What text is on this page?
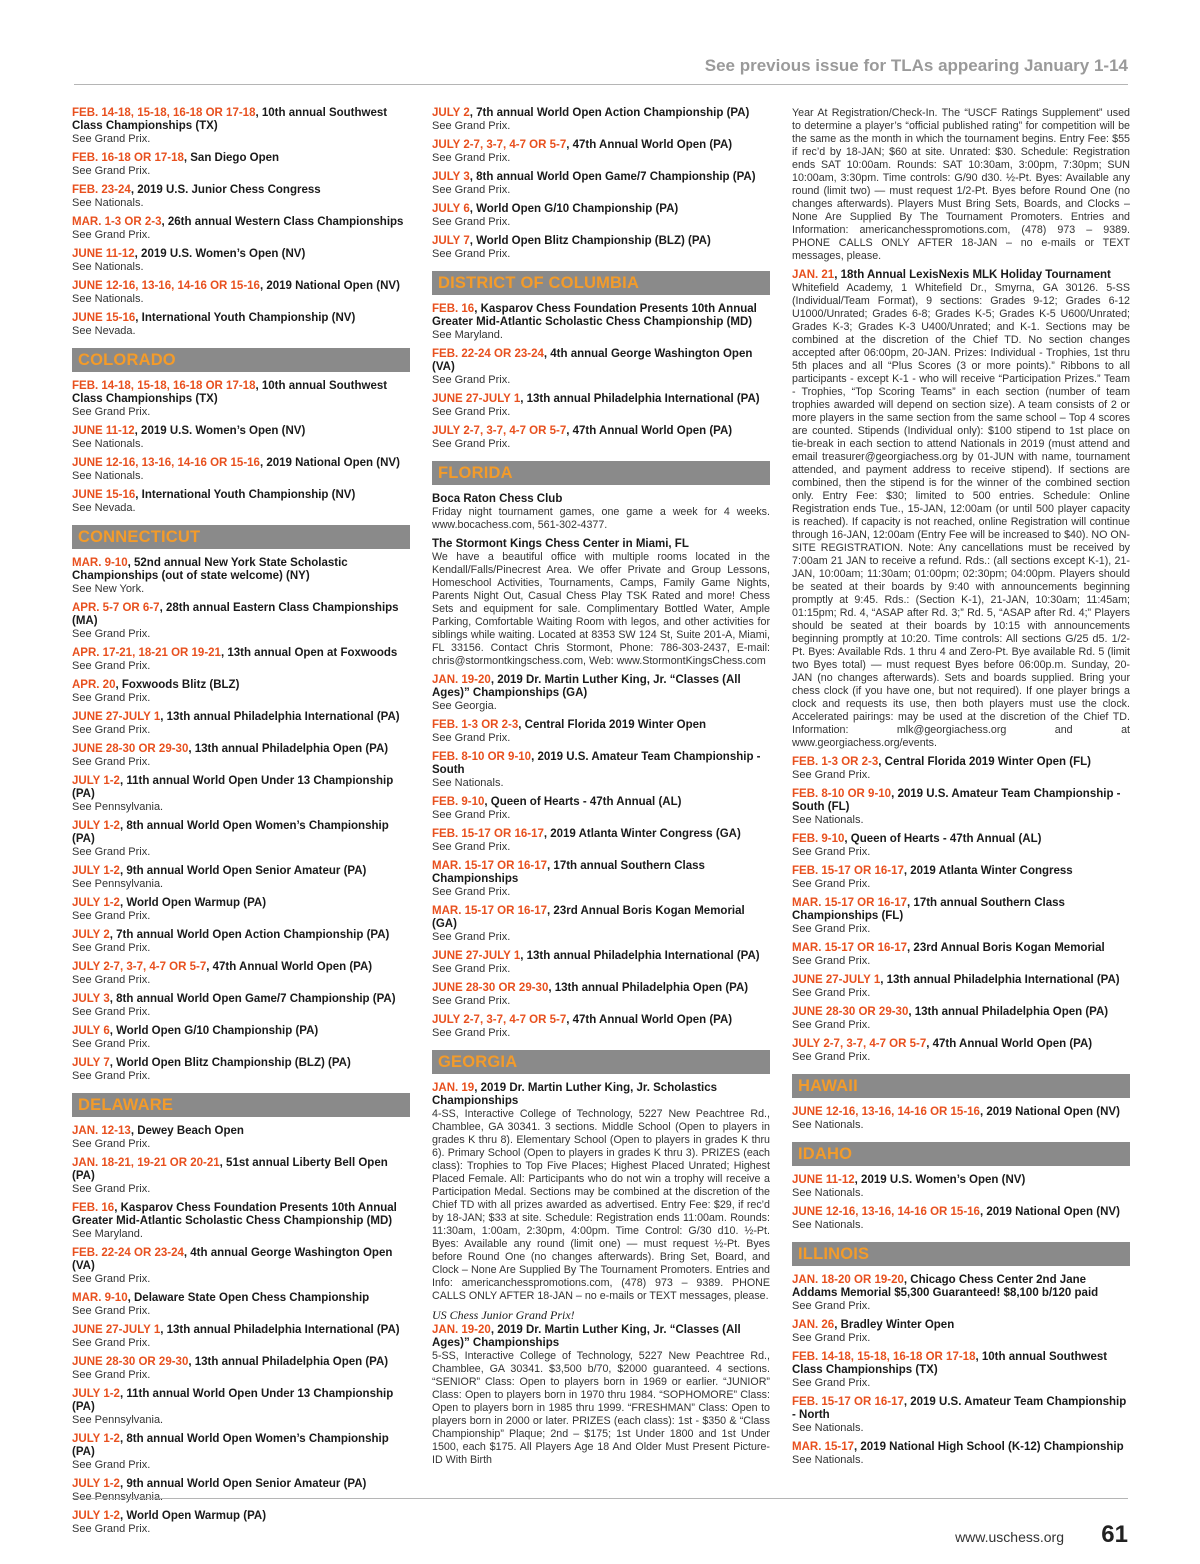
See previous issue for TLAs appearing January 1-14
FEB. 14-18, 15-18, 16-18 OR 17-18, 10th annual Southwest Class Championships (TX)
See Grand Prix.
FEB. 16-18 OR 17-18, San Diego Open
See Grand Prix.
FEB. 23-24, 2019 U.S. Junior Chess Congress
See Nationals.
MAR. 1-3 OR 2-3, 26th annual Western Class Championships
See Grand Prix.
JUNE 11-12, 2019 U.S. Women’s Open (NV)
See Nationals.
JUNE 12-16, 13-16, 14-16 OR 15-16, 2019 National Open (NV)
See Nationals.
JUNE 15-16, International Youth Championship (NV)
See Nevada.
COLORADO
FEB. 14-18, 15-18, 16-18 OR 17-18, 10th annual Southwest Class Championships (TX)
See Grand Prix.
JUNE 11-12, 2019 U.S. Women’s Open (NV)
See Nationals.
JUNE 12-16, 13-16, 14-16 OR 15-16, 2019 National Open (NV)
See Nationals.
JUNE 15-16, International Youth Championship (NV)
See Nevada.
CONNECTICUT
MAR. 9-10, 52nd annual New York State Scholastic Championships (out of state welcome) (NY)
See New York.
APR. 5-7 OR 6-7, 28th annual Eastern Class Championships (MA)
See Grand Prix.
APR. 17-21, 18-21 OR 19-21, 13th annual Open at Foxwoods
See Grand Prix.
APR. 20, Foxwoods Blitz (BLZ)
See Grand Prix.
JUNE 27-JULY 1, 13th annual Philadelphia International (PA)
See Grand Prix.
JUNE 28-30 OR 29-30, 13th annual Philadelphia Open (PA)
See Grand Prix.
JULY 1-2, 11th annual World Open Under 13 Championship (PA)
See Pennsylvania.
JULY 1-2, 8th annual World Open Women’s Championship (PA)
See Grand Prix.
JULY 1-2, 9th annual World Open Senior Amateur (PA)
See Pennsylvania.
JULY 1-2, World Open Warmup (PA)
See Grand Prix.
JULY 2, 7th annual World Open Action Championship (PA)
See Grand Prix.
JULY 2-7, 3-7, 4-7 OR 5-7, 47th Annual World Open (PA)
See Grand Prix.
JULY 3, 8th annual World Open Game/7 Championship (PA)
See Grand Prix.
JULY 6, World Open G/10 Championship (PA)
See Grand Prix.
JULY 7, World Open Blitz Championship (BLZ) (PA)
See Grand Prix.
DELAWARE
JAN. 12-13, Dewey Beach Open
See Grand Prix.
JAN. 18-21, 19-21 OR 20-21, 51st annual Liberty Bell Open (PA)
See Grand Prix.
FEB. 16, Kasparov Chess Foundation Presents 10th Annual Greater Mid-Atlantic Scholastic Chess Championship (MD)
See Maryland.
FEB. 22-24 OR 23-24, 4th annual George Washington Open (VA)
See Grand Prix.
MAR. 9-10, Delaware State Open Chess Championship
See Grand Prix.
JUNE 27-JULY 1, 13th annual Philadelphia International (PA)
See Grand Prix.
JUNE 28-30 OR 29-30, 13th annual Philadelphia Open (PA)
See Grand Prix.
JULY 1-2, 11th annual World Open Under 13 Championship (PA)
See Pennsylvania.
JULY 1-2, 8th annual World Open Women’s Championship (PA)
See Grand Prix.
JULY 1-2, 9th annual World Open Senior Amateur (PA)
See Pennsylvania.
JULY 1-2, World Open Warmup (PA)
See Grand Prix.
JULY 2, 7th annual World Open Action Championship (PA)
See Grand Prix.
JULY 2-7, 3-7, 4-7 OR 5-7, 47th Annual World Open (PA)
See Grand Prix.
JULY 3, 8th annual World Open Game/7 Championship (PA)
See Grand Prix.
JULY 6, World Open G/10 Championship (PA)
See Grand Prix.
JULY 7, World Open Blitz Championship (BLZ) (PA)
See Grand Prix.
DISTRICT OF COLUMBIA
FEB. 16, Kasparov Chess Foundation Presents 10th Annual Greater Mid-Atlantic Scholastic Chess Championship (MD)
See Maryland.
FEB. 22-24 OR 23-24, 4th annual George Washington Open (VA)
See Grand Prix.
JUNE 27-JULY 1, 13th annual Philadelphia International (PA)
See Grand Prix.
JULY 2-7, 3-7, 4-7 OR 5-7, 47th Annual World Open (PA)
See Grand Prix.
FLORIDA
Boca Raton Chess Club
Friday night tournament games, one game a week for 4 weeks. www.bocachess.com, 561-302-4377.
The Stormont Kings Chess Center in Miami, FL
We have a beautiful office with multiple rooms located in the Kendall/Falls/Pinecrest Area. We offer Private and Group Lessons, Homeschool Activities, Tournaments, Camps, Family Game Nights, Parents Night Out, Casual Chess Play TSK Rated and more! Chess Sets and equipment for sale. Complimentary Bottled Water, Ample Parking, Comfortable Waiting Room with legos, and other activities for siblings while waiting. Located at 8353 SW 124 St, Suite 201-A, Miami, FL 33156. Contact Chris Stormont, Phone: 786-303-2437, E-mail: chris@stormontkingschess.com, Web: www.StormontKingsChess.com
JAN. 19-20, 2019 Dr. Martin Luther King, Jr. “Classes (All Ages)” Championships (GA)
See Georgia.
FEB. 1-3 OR 2-3, Central Florida 2019 Winter Open
See Grand Prix.
FEB. 8-10 OR 9-10, 2019 U.S. Amateur Team Championship - South
See Nationals.
FEB. 9-10, Queen of Hearts - 47th Annual (AL)
See Grand Prix.
FEB. 15-17 OR 16-17, 2019 Atlanta Winter Congress (GA)
See Grand Prix.
MAR. 15-17 OR 16-17, 17th annual Southern Class Championships
See Grand Prix.
MAR. 15-17 OR 16-17, 23rd Annual Boris Kogan Memorial (GA)
See Grand Prix.
JUNE 27-JULY 1, 13th annual Philadelphia International (PA)
See Grand Prix.
JUNE 28-30 OR 29-30, 13th annual Philadelphia Open (PA)
See Grand Prix.
JULY 2-7, 3-7, 4-7 OR 5-7, 47th Annual World Open (PA)
See Grand Prix.
GEORGIA
JAN. 19, 2019 Dr. Martin Luther King, Jr. Scholastics Championships
4-SS, Interactive College of Technology, 5227 New Peachtree Rd., Chamblee, GA 30341. 3 sections. Middle School (Open to players in grades K thru 8). Elementary School (Open to players in grades K thru 6). Primary School (Open to players in grades K thru 3). PRIZES (each class): Trophies to Top Five Places; Highest Placed Unrated; Highest Placed Female. All: Participants who do not win a trophy will receive a Participation Medal. Sections may be combined at the discretion of the Chief TD with all prizes awarded as advertised. Entry Fee: $29, if rec’d by 18-JAN; $33 at site. Schedule: Registration ends 11:00am. Rounds: 11:30am, 1:00am, 2:30pm, 4:00pm. Time Control: G/30 d10. ½-Pt. Byes: Available any round (limit one) — must request ½-Pt. Byes before Round One (no changes afterwards). Bring Set, Board, and Clock – None Are Supplied By The Tournament Promoters. Entries and Info: americanchesspromotions.com, (478) 973 – 9389. PHONE CALLS ONLY AFTER 18-JAN – no e-mails or TEXT messages, please.
US Chess Junior Grand Prix!
JAN. 19-20, 2019 Dr. Martin Luther King, Jr. “Classes (All Ages)” Championships
5-SS, Interactive College of Technology, 5227 New Peachtree Rd., Chamblee, GA 30341. $3,500 b/70, $2000 guaranteed. 4 sections. “SENIOR” Class: Open to players born in 1969 or earlier. “JUNIOR” Class: Open to players born in 1970 thru 1984. “SOPHOMORE” Class: Open to players born in 1985 thru 1999. “FRESHMAN” Class: Open to players born in 2000 or later. PRIZES (each class): 1st - $350 & “Class Championship” Plaque; 2nd – $175; 1st Under 1800 and 1st Under 1500, each $175. All Players Age 18 And Older Must Present Picture-ID With Birth
Year At Registration/Check-In. The “USCF Ratings Supplement” used to determine a player’s “official published rating” for competition will be the same as the month in which the tournament begins. Entry Fee: $55 if rec’d by 18-JAN; $60 at site. Unrated: $30. Schedule: Registration ends SAT 10:00am. Rounds: SAT 10:30am, 3:00pm, 7:30pm; SUN 10:00am, 3:30pm. Time controls: G/90 d30. ½-Pt. Byes: Available any round (limit two) — must request 1/2-Pt. Byes before Round One (no changes afterwards). Players Must Bring Sets, Boards, and Clocks – None Are Supplied By The Tournament Promoters. Entries and Information: americanchesspromotions.com, (478) 973 – 9389. PHONE CALLS ONLY AFTER 18-JAN – no e-mails or TEXT messages, please.
JAN. 21, 18th Annual LexisNexis MLK Holiday Tournament
Whitefield Academy, 1 Whitefield Dr., Smyrna, GA 30126. 5-SS (Individual/Team Format), 9 sections: Grades 9-12; Grades 6-12 U1000/Unrated; Grades 6-8; Grades K-5; Grades K-5 U600/Unrated; Grades K-3; Grades K-3 U400/Unrated; and K-1. Sections may be combined at the discretion of the Chief TD. No section changes accepted after 06:00pm, 20-JAN. Prizes: Individual - Trophies, 1st thru 5th places and all “Plus Scores (3 or more points).” Ribbons to all participants - except K-1 - who will receive “Participation Prizes.” Team - Trophies, “Top Scoring Teams” in each section (number of team trophies awarded will depend on section size). A team consists of 2 or more players in the same section from the same school – Top 4 scores are counted. Stipends (Individual only): $100 stipend to 1st place on tie-break in each section to attend Nationals in 2019 (must attend and email treasurer@georgiachess.org by 01-JUN with name, tournament attended, and payment address to receive stipend). If sections are combined, then the stipend is for the winner of the combined section only. Entry Fee: $30; limited to 500 entries. Schedule: Online Registration ends Tue., 15-JAN, 12:00am (or until 500 player capacity is reached). If capacity is not reached, online Registration will continue through 16-JAN, 12:00am (Entry Fee will be increased to $40). NO ON-SITE REGISTRATION. Note: Any cancellations must be received by 7:00am 21 JAN to receive a refund. Rds.: (all sections except K-1), 21-JAN, 10:00am; 11:30am; 01:00pm; 02:30pm; 04:00pm. Players should be seated at their boards by 9:40 with announcements beginning promptly at 9:45. Rds.: (Section K-1), 21-JAN, 10:30am; 11:45am; 01:15pm; Rd. 4, “ASAP after Rd. 3;” Rd. 5, “ASAP after Rd. 4;” Players should be seated at their boards by 10:15 with announcements beginning promptly at 10:20. Time controls: All sections G/25 d5. 1/2-Pt. Byes: Available Rds. 1 thru 4 and Zero-Pt. Bye available Rd. 5 (limit two Byes total) — must request Byes before 06:00p.m. Sunday, 20-JAN (no changes afterwards). Sets and boards supplied. Bring your chess clock (if you have one, but not required). If one player brings a clock and requests its use, then both players must use the clock. Accelerated pairings: may be used at the discretion of the Chief TD. Information: mlk@georgiachess.org and at www.georgiachess.org/events.
FEB. 1-3 OR 2-3, Central Florida 2019 Winter Open (FL)
See Grand Prix.
FEB. 8-10 OR 9-10, 2019 U.S. Amateur Team Championship - South (FL)
See Nationals.
FEB. 9-10, Queen of Hearts - 47th Annual (AL)
See Grand Prix.
FEB. 15-17 OR 16-17, 2019 Atlanta Winter Congress
See Grand Prix.
MAR. 15-17 OR 16-17, 17th annual Southern Class Championships (FL)
See Grand Prix.
MAR. 15-17 OR 16-17, 23rd Annual Boris Kogan Memorial
See Grand Prix.
JUNE 27-JULY 1, 13th annual Philadelphia International (PA)
See Grand Prix.
JUNE 28-30 OR 29-30, 13th annual Philadelphia Open (PA)
See Grand Prix.
JULY 2-7, 3-7, 4-7 OR 5-7, 47th Annual World Open (PA)
See Grand Prix.
HAWAII
JUNE 12-16, 13-16, 14-16 OR 15-16, 2019 National Open (NV)
See Nationals.
IDAHO
JUNE 11-12, 2019 U.S. Women’s Open (NV)
See Nationals.
JUNE 12-16, 13-16, 14-16 OR 15-16, 2019 National Open (NV)
See Nationals.
ILLINOIS
JAN. 18-20 OR 19-20, Chicago Chess Center 2nd Jane Addams Memorial $5,300 Guaranteed! $8,100 b/120 paid
See Grand Prix.
JAN. 26, Bradley Winter Open
See Grand Prix.
FEB. 14-18, 15-18, 16-18 OR 17-18, 10th annual Southwest Class Championships (TX)
See Grand Prix.
FEB. 15-17 OR 16-17, 2019 U.S. Amateur Team Championship - North
See Nationals.
MAR. 15-17, 2019 National High School (K-12) Championship
See Nationals.
www.uschess.org 61
